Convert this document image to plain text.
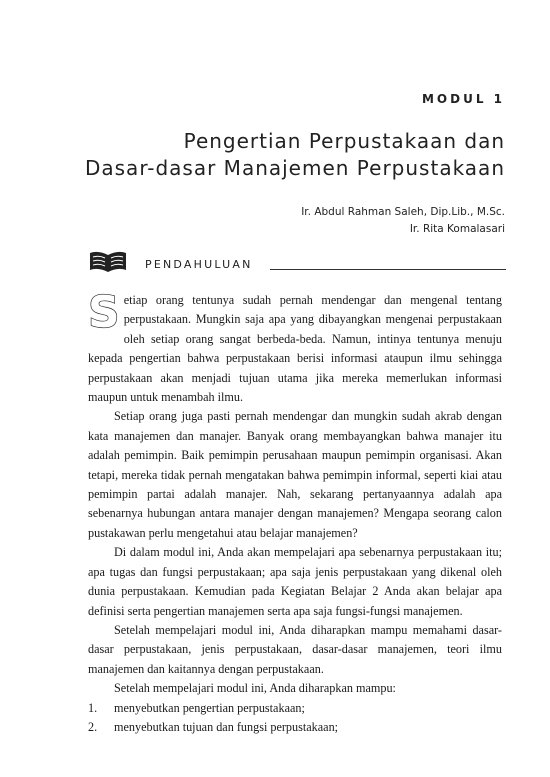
MODUL 1
Pengertian Perpustakaan dan
Dasar-dasar Manajemen Perpustakaan
Ir. Abdul Rahman Saleh, Dip.Lib., M.Sc.
Ir. Rita Komalasari
PENDAHULUAN

Setiap orang tentunya sudah pernah mendengar dan mengenal tentang perpustakaan. Mungkin saja apa yang dibayangkan mengenai perpustakaan oleh setiap orang sangat berbeda-beda. Namun, intinya tentunya menuju kepada pengertian bahwa perpustakaan berisi informasi ataupun ilmu sehingga perpustakaan akan menjadi tujuan utama jika mereka memerlukan informasi maupun untuk menambah ilmu.

Setiap orang juga pasti pernah mendengar dan mungkin sudah akrab dengan kata manajemen dan manajer. Banyak orang membayangkan bahwa manajer itu adalah pemimpin. Baik pemimpin perusahaan maupun pemimpin organisasi. Akan tetapi, mereka tidak pernah mengatakan bahwa pemimpin informal, seperti kiai atau pemimpin partai adalah manajer. Nah, sekarang pertanyaannya adalah apa sebenarnya hubungan antara manajer dengan manajemen? Mengapa seorang calon pustakawan perlu mengetahui atau belajar manajemen?

Di dalam modul ini, Anda akan mempelajari apa sebenarnya perpustakaan itu; apa tugas dan fungsi perpustakaan; apa saja jenis perpustakaan yang dikenal oleh dunia perpustakaan. Kemudian pada Kegiatan Belajar 2 Anda akan belajar apa definisi serta pengertian manajemen serta apa saja fungsi-fungsi manajemen.

Setelah mempelajari modul ini, Anda diharapkan mampu memahami dasar-dasar perpustakaan, jenis perpustakaan, dasar-dasar manajemen, teori ilmu manajemen dan kaitannya dengan perpustakaan.

Setelah mempelajari modul ini, Anda diharapkan mampu:

1. menyebutkan pengertian perpustakaan;
2. menyebutkan tujuan dan fungsi perpustakaan;
